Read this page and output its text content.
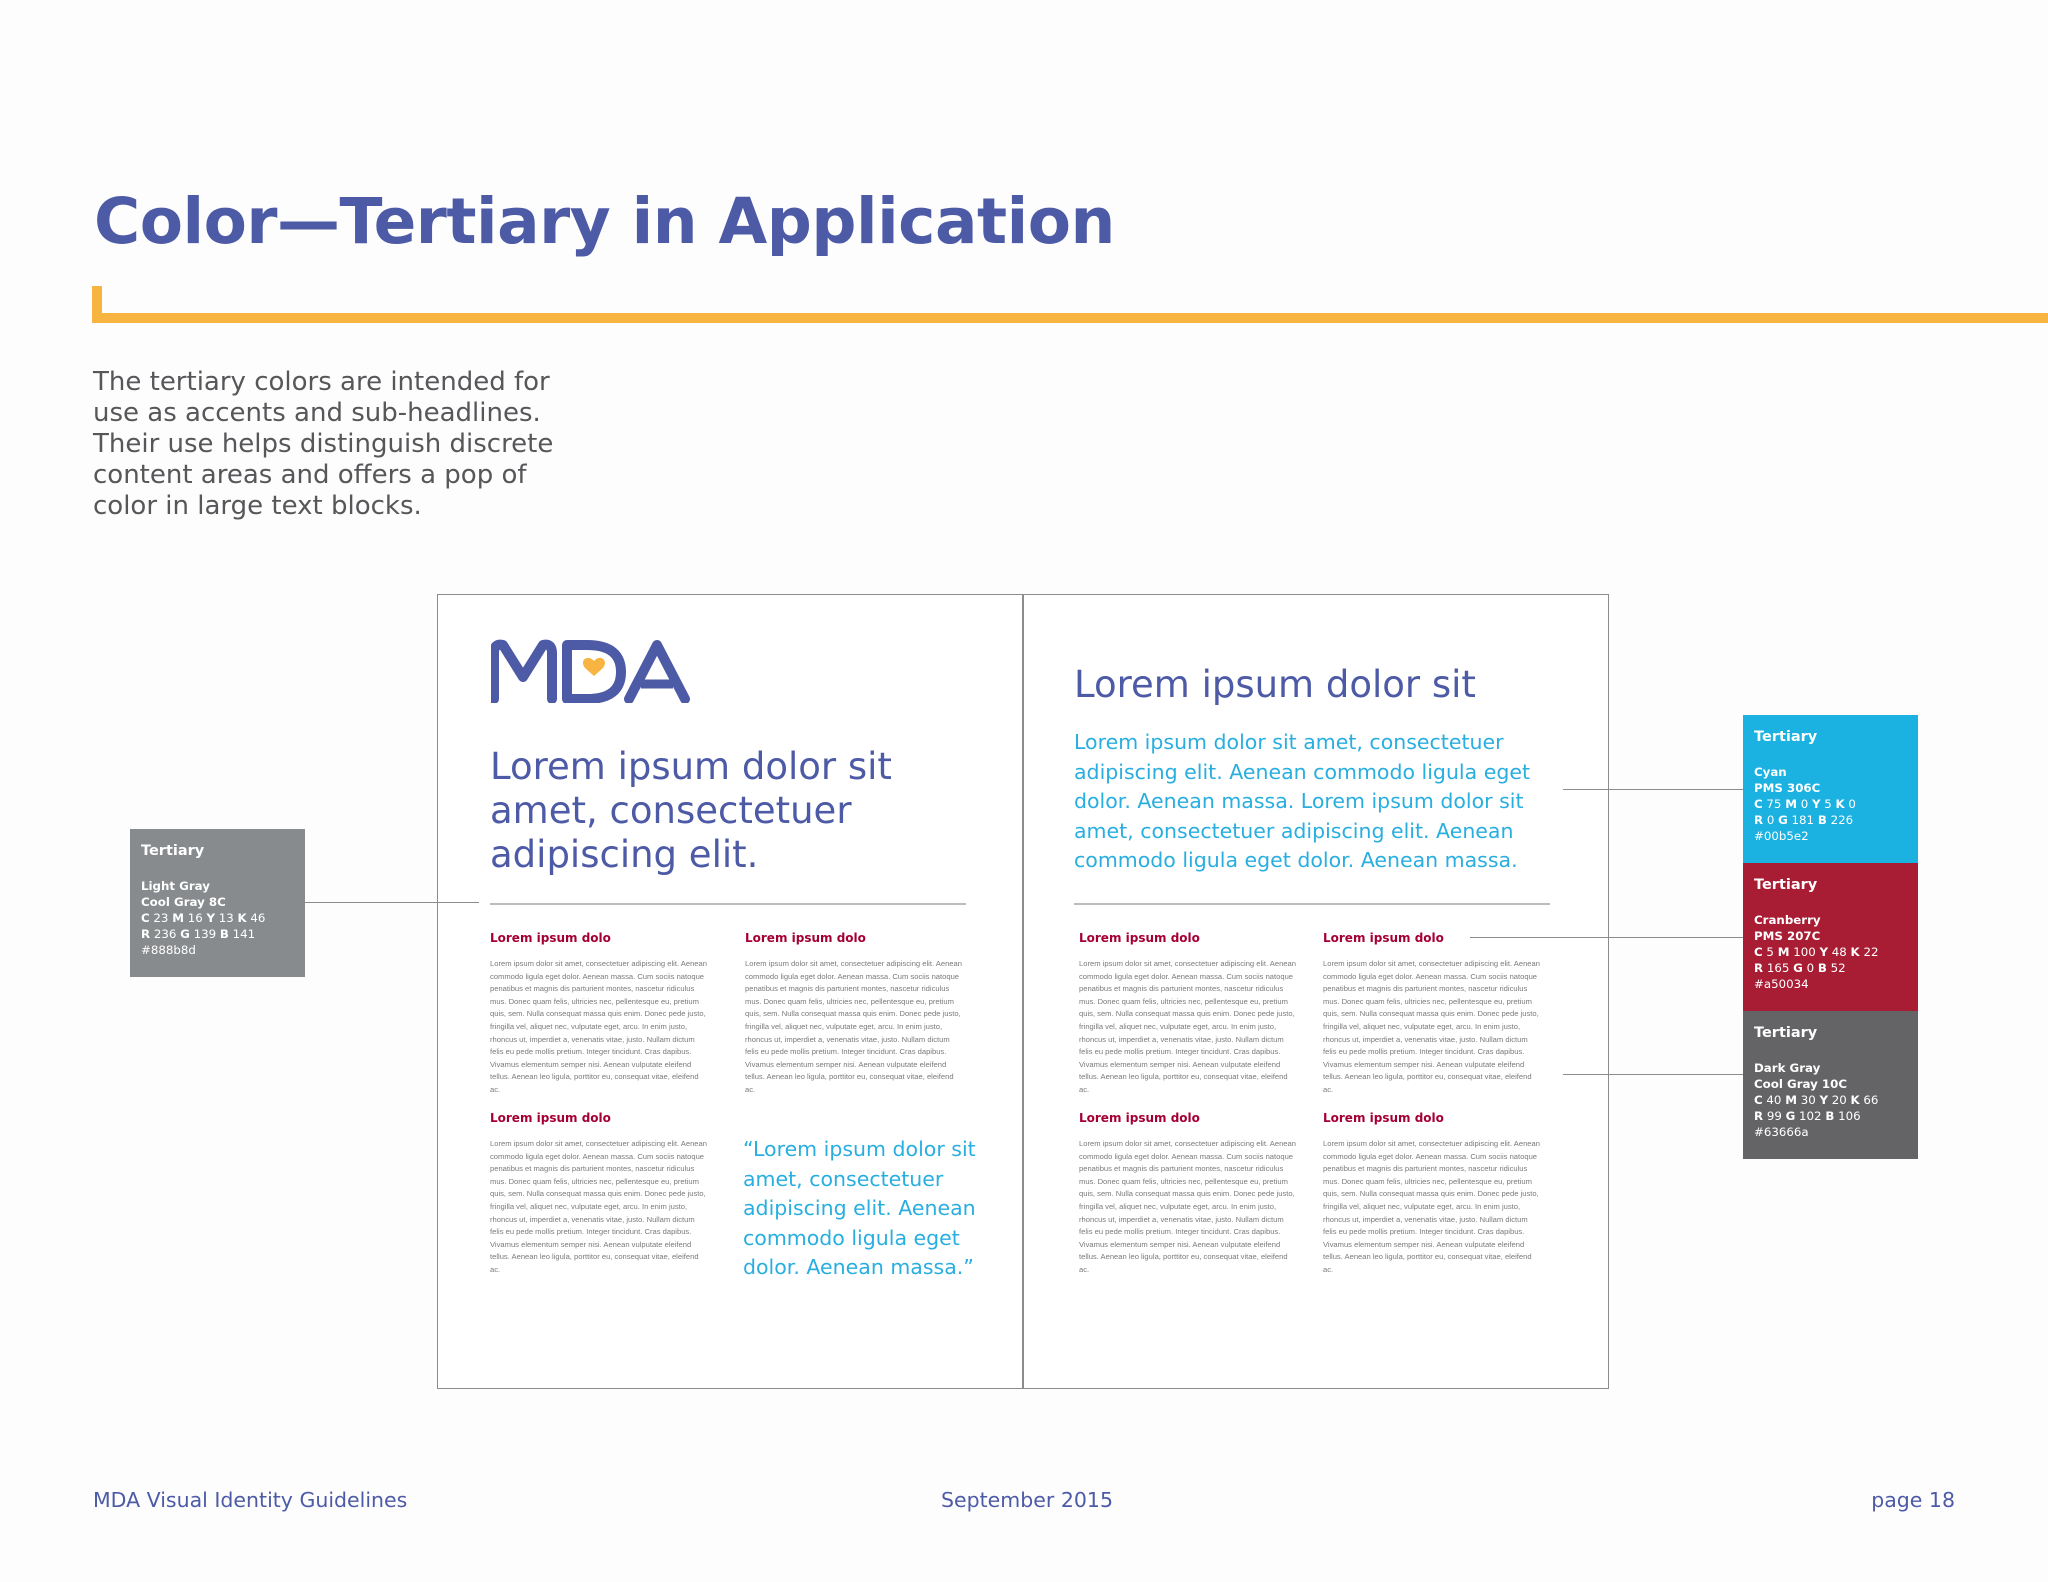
Color—Tertiary in Application

The tertiary colors are intended for use as accents and sub-headlines. Their use helps distinguish discrete content areas and offers a pop of color in large text blocks.

Lorem ipsum dolor sit amet, consectetuer adipiscing elit.
Lorem ipsum dolo

Lorem ipsum dolor sit amet, consectetuer adipiscing elit. Aenean commodo ligula eget dolor. Aenean massa. Cum sociis natoque penatibus et magnis dis parturient montes, nascetur ridiculus mus. Donec quam felis, ultricies nec, pellentesque eu, pretium quis, sem. Nulla consequat massa quis enim. Donec pede justo, fringilla vel, aliquet nec, vulputate eget, arcu. In enim justo, rhoncus ut, imperdiet a, venenatis vitae, justo. Nullam dictum felis eu pede mollis pretium. Integer tincidunt. Cras dapibus. Vivamus elementum semper nisi. Aenean vulputate eleifend tellus. Aenean leo ligula, porttitor eu, consequat vitae, eleifend ac.

Lorem ipsum dolo

Lorem ipsum dolor sit amet, consectetuer adipiscing elit. Aenean commodo ligula eget dolor. Aenean massa. Cum sociis natoque penatibus et magnis dis parturient montes, nascetur ridiculus mus. Donec quam felis, ultricies nec, pellentesque eu, pretium quis, sem. Nulla consequat massa quis enim. Donec pede justo, fringilla vel, aliquet nec, vulputate eget, arcu. In enim justo, rhoncus ut, imperdiet a, venenatis vitae, justo. Nullam dictum felis eu pede mollis pretium. Integer tincidunt. Cras dapibus. Vivamus elementum semper nisi. Aenean vulputate eleifend tellus. Aenean leo ligula, porttitor eu, consequat vitae, eleifend ac.

Lorem ipsum dolo

Lorem ipsum dolor sit amet, consectetuer adipiscing elit. Aenean commodo ligula eget dolor. Aenean massa. Cum sociis natoque penatibus et magnis dis parturient montes, nascetur ridiculus mus. Donec quam felis, ultricies nec, pellentesque eu, pretium quis, sem. Nulla consequat massa quis enim. Donec pede justo, fringilla vel, aliquet nec, vulputate eget, arcu. In enim justo, rhoncus ut, imperdiet a, venenatis vitae, justo. Nullam dictum felis eu pede mollis pretium. Integer tincidunt. Cras dapibus. Vivamus elementum semper nisi. Aenean vulputate eleifend tellus. Aenean leo ligula, porttitor eu, consequat vitae, eleifend ac.

“Lorem ipsum dolor sit amet, consectetuer adipiscing elit. Aenean commodo ligula eget dolor. Aenean massa.”

Lorem ipsum dolor sit

Lorem ipsum dolor sit amet, consectetuer adipiscing elit. Aenean commodo ligula eget dolor. Aenean massa. Lorem ipsum dolor sit amet, consectetuer adipiscing elit. Aenean commodo ligula eget dolor. Aenean massa.

Lorem ipsum dolo

Lorem ipsum dolor sit amet, consectetuer adipiscing elit. Aenean commodo ligula eget dolor. Aenean massa. Cum sociis natoque penatibus et magnis dis parturient montes, nascetur ridiculus mus. Donec quam felis, ultricies nec, pellentesque eu, pretium quis, sem. Nulla consequat massa quis enim. Donec pede justo, fringilla vel, aliquet nec, vulputate eget, arcu. In enim justo, rhoncus ut, imperdiet a, venenatis vitae, justo. Nullam dictum felis eu pede mollis pretium. Integer tincidunt. Cras dapibus. Vivamus elementum semper nisi. Aenean vulputate eleifend tellus. Aenean leo ligula, porttitor eu, consequat vitae, eleifend ac.

Lorem ipsum dolo

Lorem ipsum dolor sit amet, consectetuer adipiscing elit. Aenean commodo ligula eget dolor. Aenean massa. Cum sociis natoque penatibus et magnis dis parturient montes, nascetur ridiculus mus. Donec quam felis, ultricies nec, pellentesque eu, pretium quis, sem. Nulla consequat massa quis enim. Donec pede justo, fringilla vel, aliquet nec, vulputate eget, arcu. In enim justo, rhoncus ut, imperdiet a, venenatis vitae, justo. Nullam dictum felis eu pede mollis pretium. Integer tincidunt. Cras dapibus. Vivamus elementum semper nisi. Aenean vulputate eleifend tellus. Aenean leo ligula, porttitor eu, consequat vitae, eleifend ac.

Lorem ipsum dolo

Lorem ipsum dolor sit amet, consectetuer adipiscing elit. Aenean commodo ligula eget dolor. Aenean massa. Cum sociis natoque penatibus et magnis dis parturient montes, nascetur ridiculus mus. Donec quam felis, ultricies nec, pellentesque eu, pretium quis, sem. Nulla consequat massa quis enim. Donec pede justo, fringilla vel, aliquet nec, vulputate eget, arcu. In enim justo, rhoncus ut, imperdiet a, venenatis vitae, justo. Nullam dictum felis eu pede mollis pretium. Integer tincidunt. Cras dapibus. Vivamus elementum semper nisi. Aenean vulputate eleifend tellus. Aenean leo ligula, porttitor eu, consequat vitae, eleifend ac.

Lorem ipsum dolo

Lorem ipsum dolor sit amet, consectetuer adipiscing elit. Aenean commodo ligula eget dolor. Aenean massa. Cum sociis natoque penatibus et magnis dis parturient montes, nascetur ridiculus mus. Donec quam felis, ultricies nec, pellentesque eu, pretium quis, sem. Nulla consequat massa quis enim. Donec pede justo, fringilla vel, aliquet nec, vulputate eget, arcu. In enim justo, rhoncus ut, imperdiet a, venenatis vitae, justo. Nullam dictum felis eu pede mollis pretium. Integer tincidunt. Cras dapibus. Vivamus elementum semper nisi. Aenean vulputate eleifend tellus. Aenean leo ligula, porttitor eu, consequat vitae, eleifend ac.

Tertiary

Light Gray

Cool Gray 8C

C 23 M 16 Y 13 K 46

R 236 G 139 B 141

#888b8d

Tertiary

Cyan

PMS 306C

C 75 M 0 Y 5 K 0

R 0 G 181 B 226

#00b5e2

Tertiary

Cranberry

PMS 207C

C 5 M 100 Y 48 K 22

R 165 G 0 B 52

#a50034

Tertiary

Dark Gray

Cool Gray 10C

C 40 M 30 Y 20 K 66

R 99 G 102 B 106

#63666a

MDA Visual Identity Guidelines	September 2015	page 18
